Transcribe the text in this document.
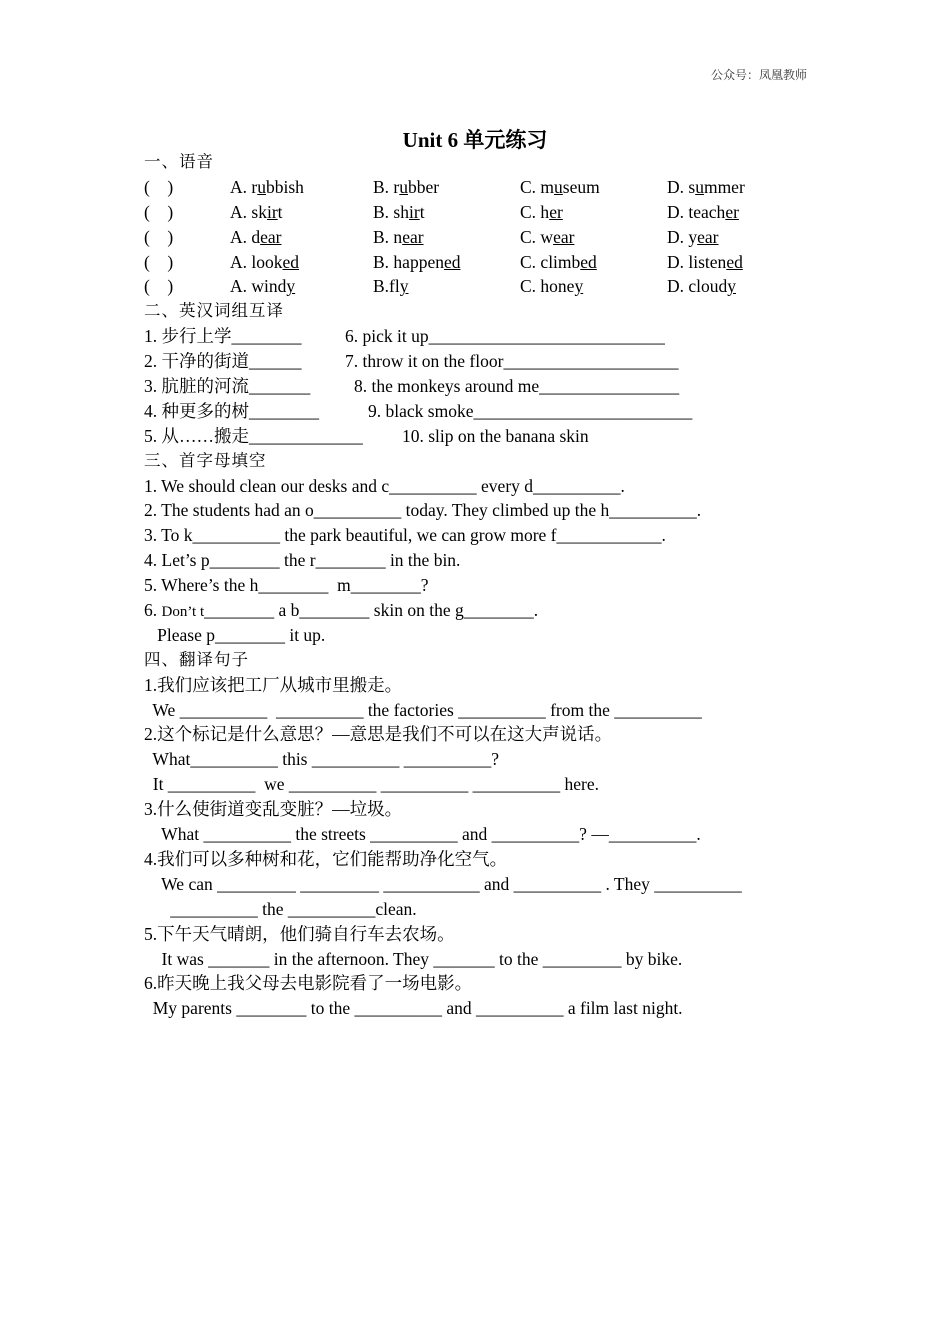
公众号：凤凰教师
Unit 6 单元练习
一、语音
(    )	A. rubbish	B. rubber	C. museum	D. summer
(    )	A. skirt	B. shirt	C. her	D. teacher
(    )	A. dear	B. near	C. wear	D. year
(    )	A. looked	B. happened	C. climbed	D. listened
(    )	A. windy	B.fly	C. honey	D. cloudy
二、英汉词组互译
1. 步行上学________ 6. pick it up___________________________
2. 干净的街道______ 7. throw it on the floor____________________
3. 肮脏的河流_______	8. the monkeys around me________________
4. 种更多的树________	9. black smoke_________________________
5. 从……搬走_____________ 10. slip on the banana skin
三、首字母填空
1. We should clean our desks and c__________ every d__________.
2. The students had an o__________ today. They climbed up the h__________.
3. To k__________ the park beautiful, we can grow more f____________.
4. Let’s p________ the r________ in the bin.
5. Where’s the h________  m________?
6. Don’t t________ a b________ skin on the g________.
Please p________ it up.
四、翻译句子
1.我们应该把工厂从城市里搬走。
We __________  __________ the factories __________ from the __________
2.这个标记是什么意思？—意思是我们不可以在这大声说话。
What__________ this __________ __________?
It __________  we __________ __________ __________ here.
3.什么使街道变乱变脏？—垃圾。
What __________ the streets __________ and __________? —__________.
4.我们可以多种树和花，它们能帮助净化空气。
We can _________ _________ ___________ and __________ . They __________
__________ the __________clean.
5.下午天气晴朗，他们骑自行车去农场。
It was _______ in the afternoon. They _______ to the _________ by bike.
6.昨天晚上我父母去电影院看了一场电影。
My parents ________ to the __________ and __________ a film last night.
